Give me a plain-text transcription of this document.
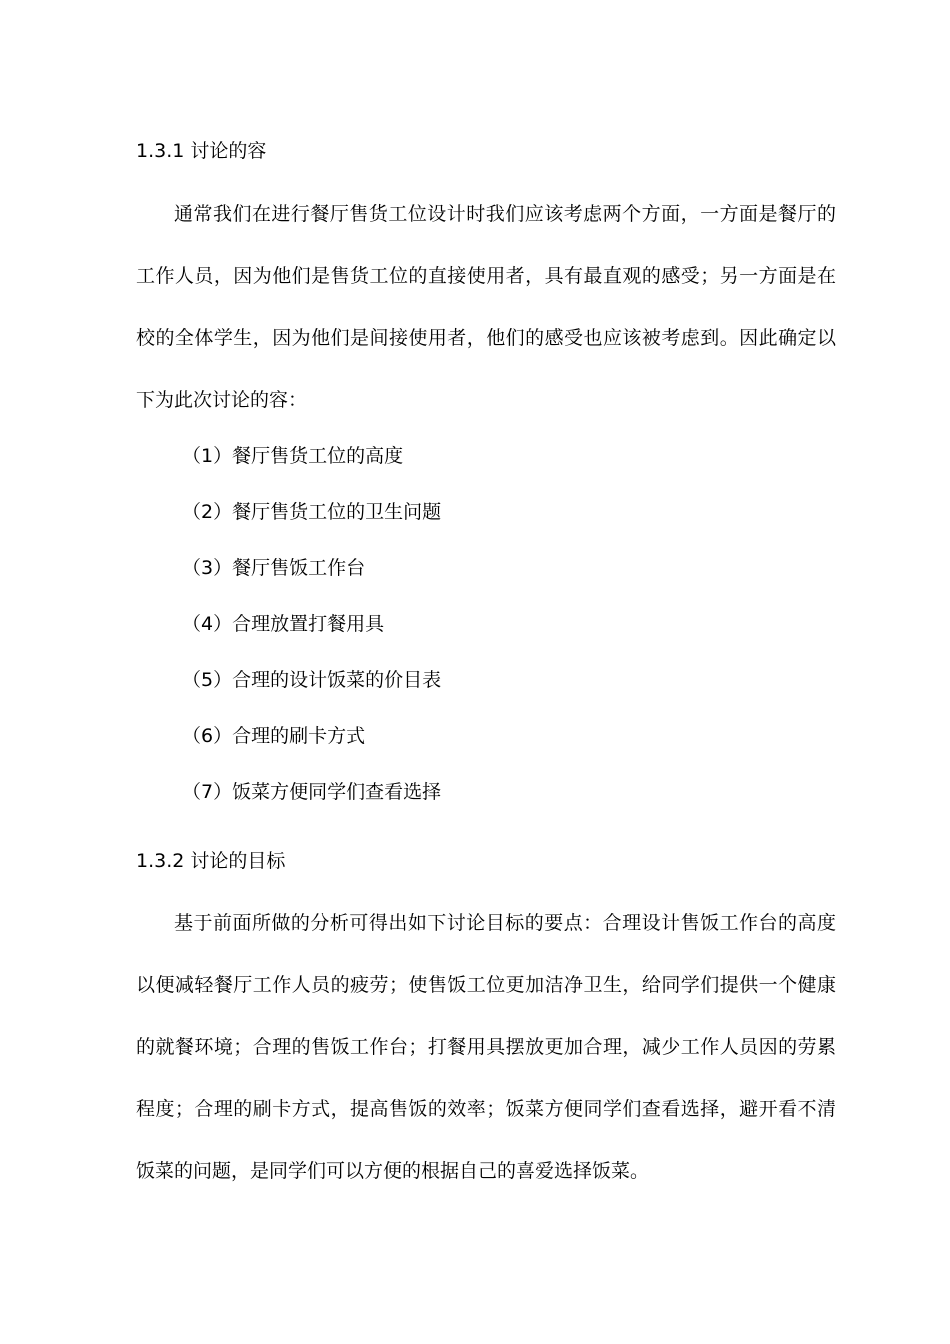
1.3.1 讨论的容
通常我们在进行餐厅售货工位设计时我们应该考虑两个方面，一方面是餐厅的
工作人员，因为他们是售货工位的直接使用者，具有最直观的感受；另一方面是在
校的全体学生，因为他们是间接使用者，他们的感受也应该被考虑到。因此确定以
下为此次讨论的容：
（1）餐厅售货工位的高度
（2）餐厅售货工位的卫生问题
（3）餐厅售饭工作台
（4）合理放置打餐用具
（5）合理的设计饭菜的价目表
（6）合理的刷卡方式
（7）饭菜方便同学们查看选择
1.3.2 讨论的目标
基于前面所做的分析可得出如下讨论目标的要点：合理设计售饭工作台的高度
以便减轻餐厅工作人员的疲劳；使售饭工位更加洁净卫生，给同学们提供一个健康
的就餐环境；合理的售饭工作台；打餐用具摆放更加合理，减少工作人员因的劳累
程度；合理的刷卡方式，提高售饭的效率；饭菜方便同学们查看选择，避开看不清
饭菜的问题，是同学们可以方便的根据自己的喜爱选择饭菜。
